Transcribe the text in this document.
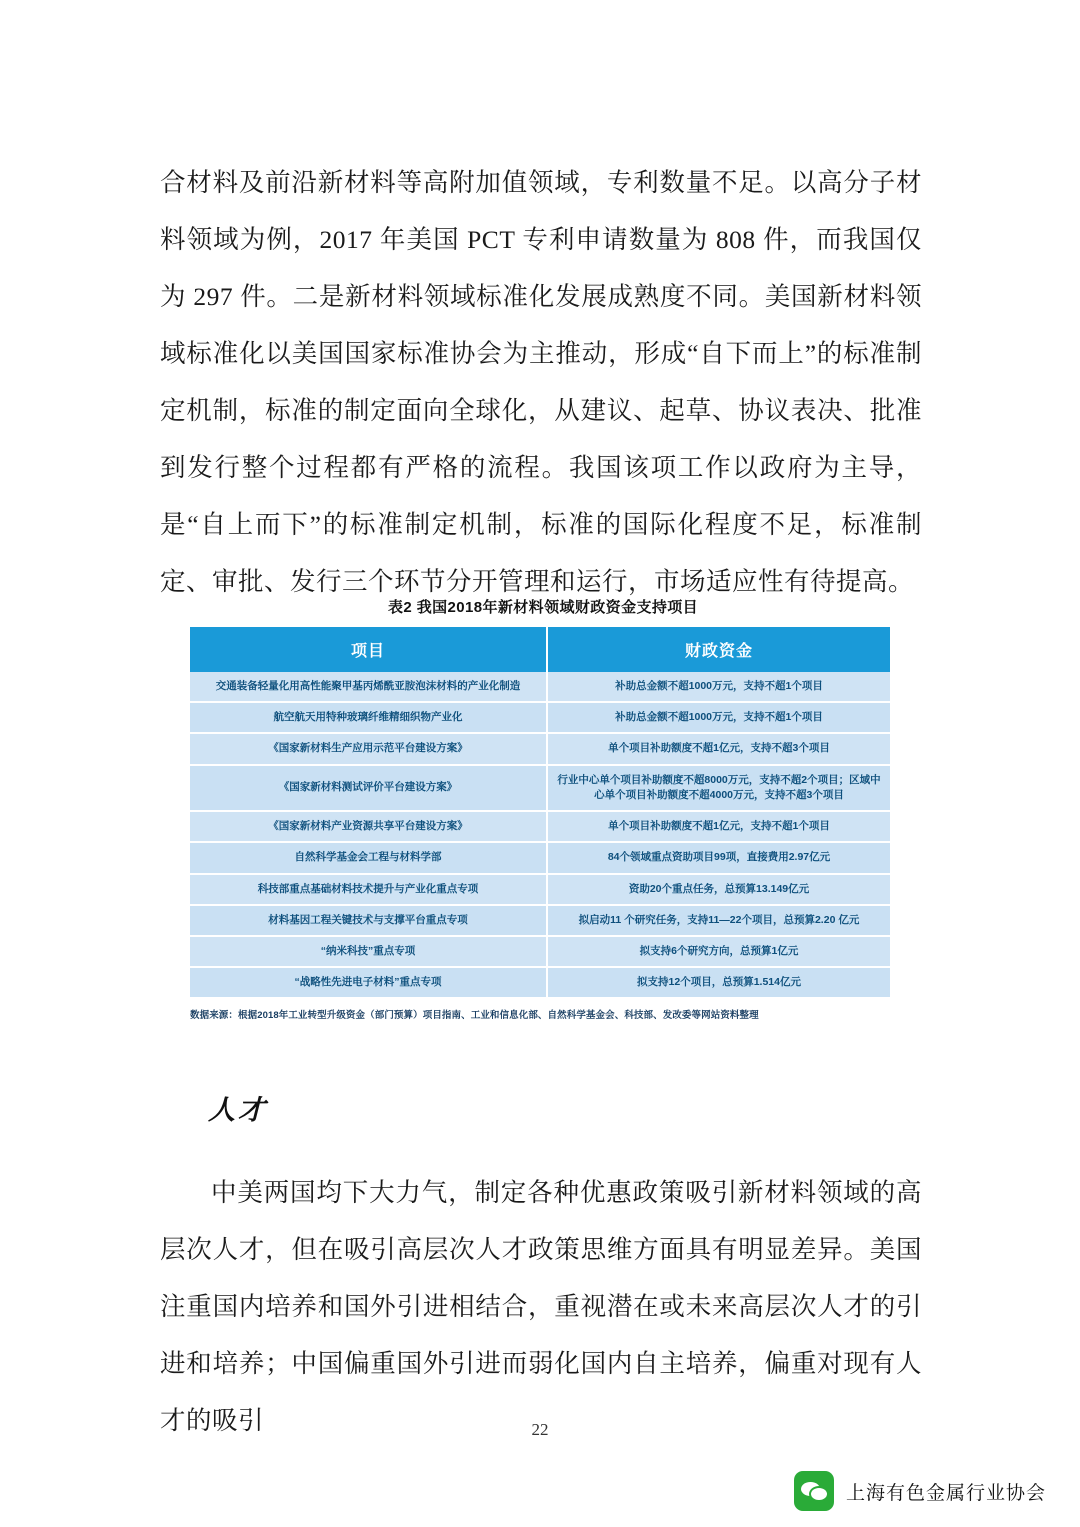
合材料及前沿新材料等高附加值领域，专利数量不足。以高分子材料领域为例，2017 年美国 PCT 专利申请数量为 808 件，而我国仅为 297 件。二是新材料领域标准化发展成熟度不同。美国新材料领域标准化以美国国家标准协会为主推动，形成“自下而上”的标准制定机制，标准的制定面向全球化，从建议、起草、协议表决、批准到发行整个过程都有严格的流程。我国该项工作以政府为主导，是“自上而下”的标准制定机制，标准的国际化程度不足，标准制定、审批、发行三个环节分开管理和运行，市场适应性有待提高。

表2 我国2018年新材料领域财政资金支持项目
项目	财政资金
交通装备轻量化用高性能聚甲基丙烯酰亚胺泡沫材料的产业化制造	补助总金额不超1000万元，支持不超1个项目
航空航天用特种玻璃纤维精细织物产业化	补助总金额不超1000万元，支持不超1个项目
《国家新材料生产应用示范平台建设方案》	单个项目补助额度不超1亿元，支持不超3个项目
《国家新材料测试评价平台建设方案》	行业中心单个项目补助额度不超8000万元，支持不超2个项目；区域中心单个项目补助额度不超4000万元，支持不超3个项目
《国家新材料产业资源共享平台建设方案》	单个项目补助额度不超1亿元，支持不超1个项目
自然科学基金会工程与材料学部	84个领域重点资助项目99项，直接费用2.97亿元
科技部重点基础材料技术提升与产业化重点专项	资助20个重点任务，总预算13.149亿元
材料基因工程关键技术与支撑平台重点专项	拟启动11 个研究任务，支持11—22个项目，总预算2.20 亿元
“纳米科技”重点专项	拟支持6个研究方向，总预算1亿元
“战略性先进电子材料”重点专项	拟支持12个项目，总预算1.514亿元
数据来源：根据2018年工业转型升级资金（部门预算）项目指南、工业和信息化部、自然科学基金会、科技部、发改委等网站资料整理
人才

中美两国均下大力气，制定各种优惠政策吸引新材料领域的高层次人才，但在吸引高层次人才政策思维方面具有明显差异。美国注重国内培养和国外引进相结合，重视潜在或未来高层次人才的引进和培养；中国偏重国外引进而弱化国内自主培养，偏重对现有人才的吸引	22
上海有色金属行业协会
